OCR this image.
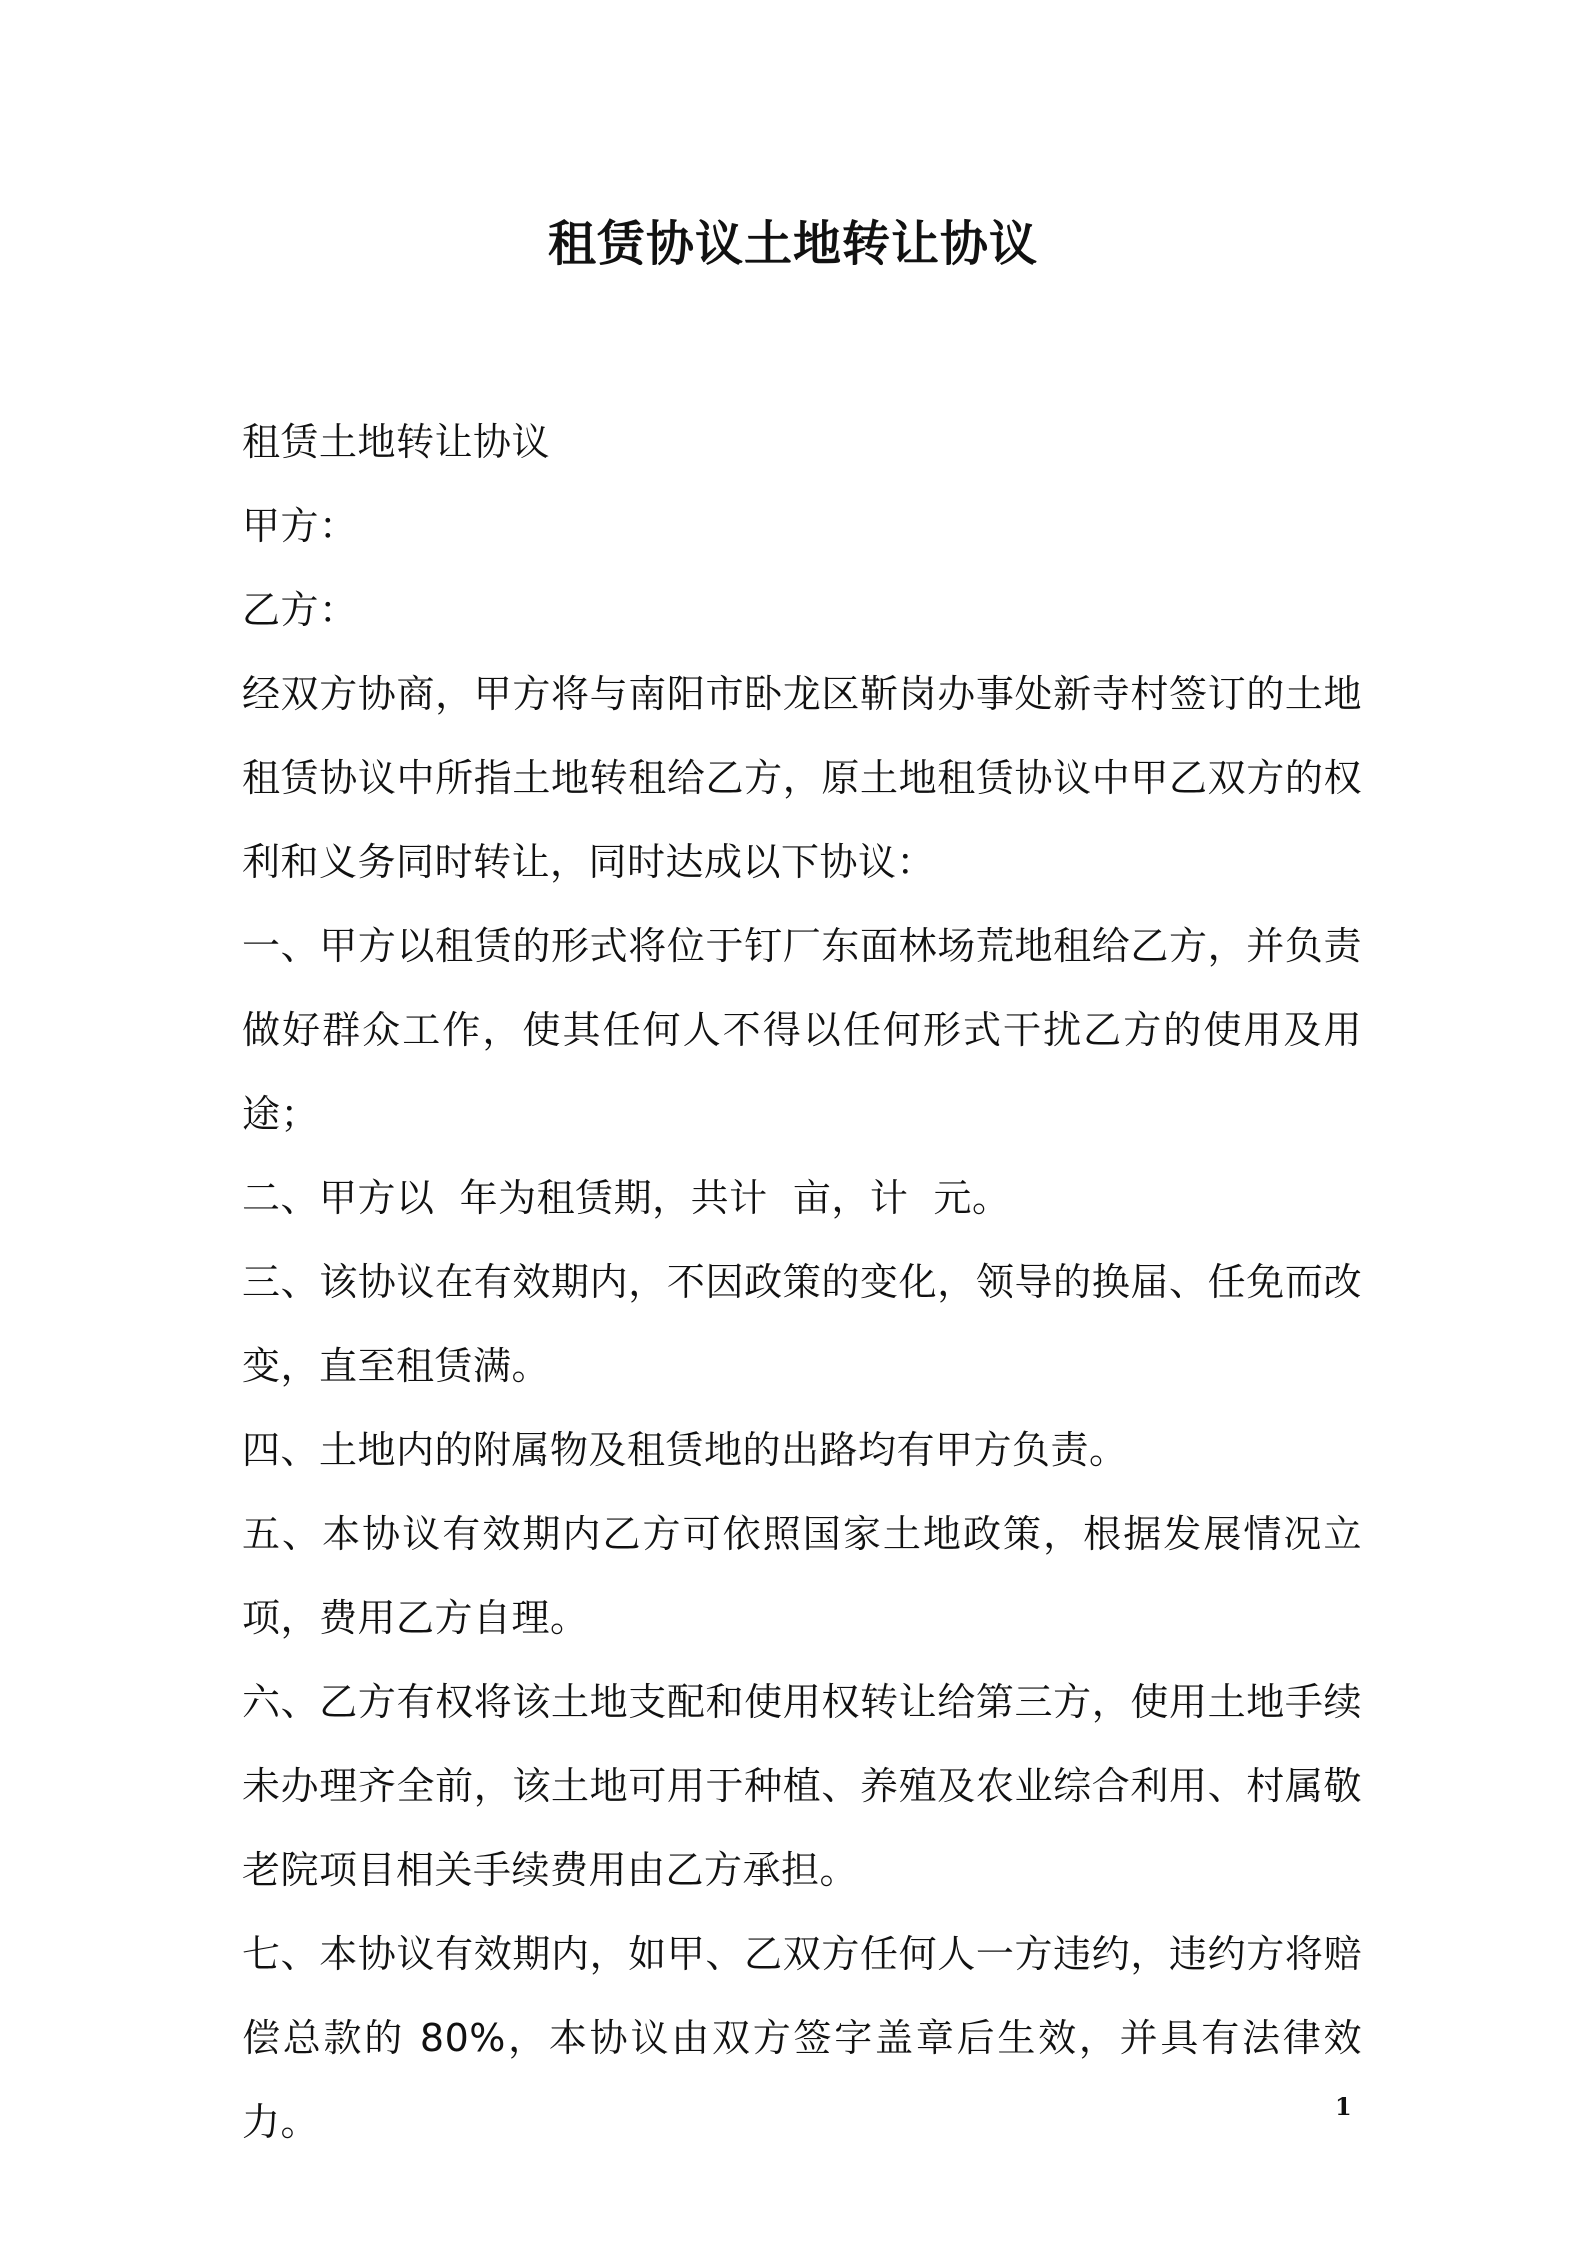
租赁协议土地转让协议

租赁土地转让协议

甲方：

乙方：

经双方协商，甲方将与南阳市卧龙区靳岗办事处新寺村签订的土地租赁协议中所指土地转租给乙方，原土地租赁协议中甲乙双方的权利和义务同时转让，同时达成以下协议：

一、甲方以租赁的形式将位于钉厂东面林场荒地租给乙方，并负责做好群众工作，使其任何人不得以任何形式干扰乙方的使用及用途；

二、甲方以  年为租赁期，共计  亩，计  元。

三、该协议在有效期内，不因政策的变化，领导的换届、任免而改变，直至租赁满。

四、土地内的附属物及租赁地的出路均有甲方负责。

五、本协议有效期内乙方可依照国家土地政策，根据发展情况立项，费用乙方自理。

六、乙方有权将该土地支配和使用权转让给第三方，使用土地手续未办理齐全前，该土地可用于种植、养殖及农业综合利用、村属敬老院项目相关手续费用由乙方承担。

七、本协议有效期内，如甲、乙双方任何人一方违约，违约方将赔偿总款的 80%，本协议由双方签字盖章后生效，并具有法律效力。	1
